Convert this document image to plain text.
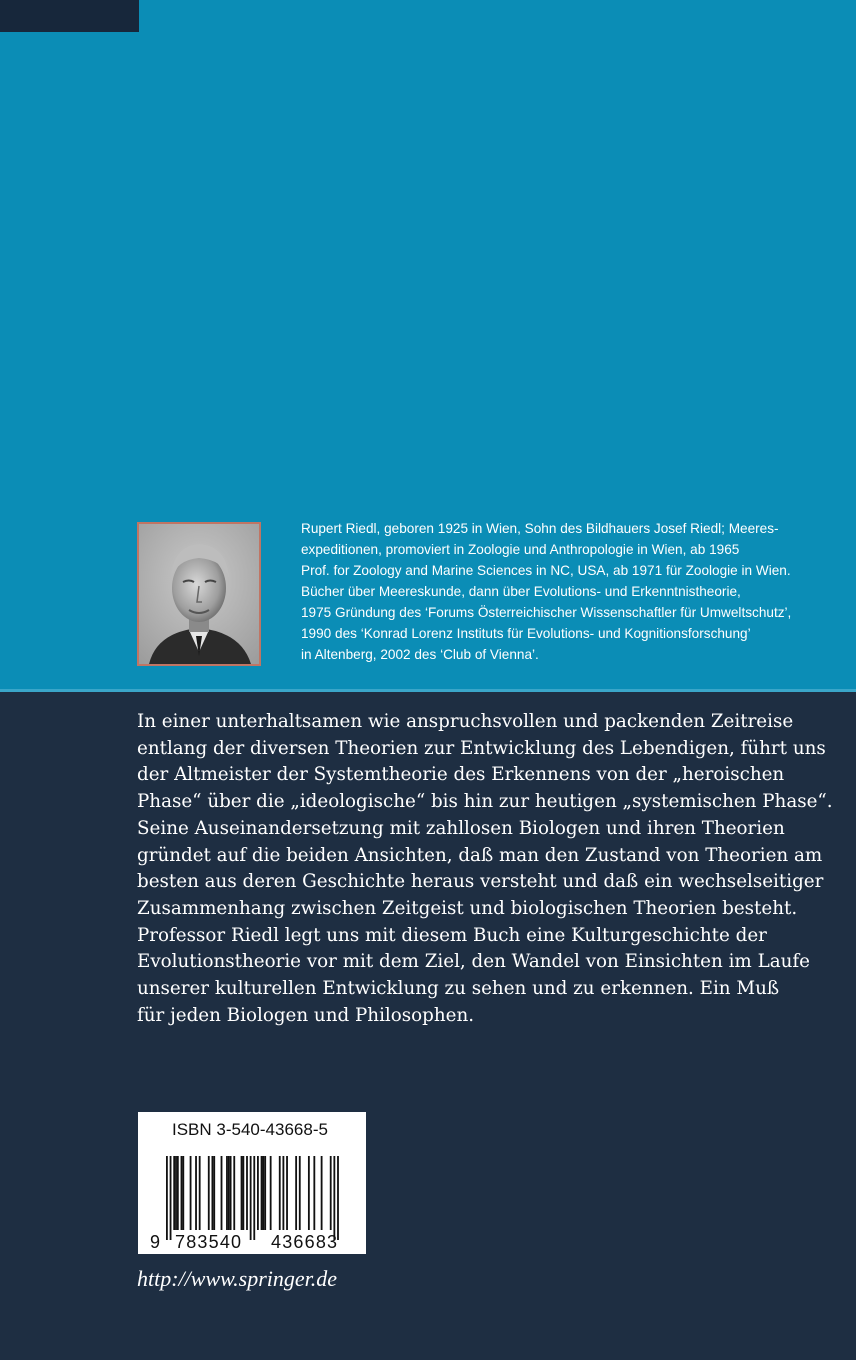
Rupert Riedl, geboren 1925 in Wien, Sohn des Bildhauers Josef Riedl; Meeres-
expeditionen, promoviert in Zoologie und Anthropologie in Wien, ab 1965
Prof. for Zoology and Marine Sciences in NC, USA, ab 1971 für Zoologie in Wien.
Bücher über Meereskunde, dann über Evolutions- und Erkenntnistheorie,
1975 Gründung des ‘Forums Österreichischer Wissenschaftler für Umweltschutz’,
1990 des ‘Konrad Lorenz Instituts für Evolutions- und Kognitionsforschung’
in Altenberg, 2002 des ‘Club of Vienna’.
In einer unterhaltsamen wie anspruchsvollen und packenden Zeitreise
entlang der diversen Theorien zur Entwicklung des Lebendigen, führt uns
der Altmeister der Systemtheorie des Erkennens von der „heroischen
Phase“ über die „ideologische“ bis hin zur heutigen „systemischen Phase“.
Seine Auseinandersetzung mit zahllosen Biologen und ihren Theorien
gründet auf die beiden Ansichten, daß man den Zustand von Theorien am
besten aus deren Geschichte heraus versteht und daß ein wechselseitiger
Zusammenhang zwischen Zeitgeist und biologischen Theorien besteht.
Professor Riedl legt uns mit diesem Buch eine Kulturgeschichte der
Evolutionstheorie vor mit dem Ziel, den Wandel von Einsichten im Laufe
unserer kulturellen Entwicklung zu sehen und zu erkennen. Ein Muß
für jeden Biologen und Philosophen.
ISBN 3-540-43668-5
9 783540 436683
http://www.springer.de
